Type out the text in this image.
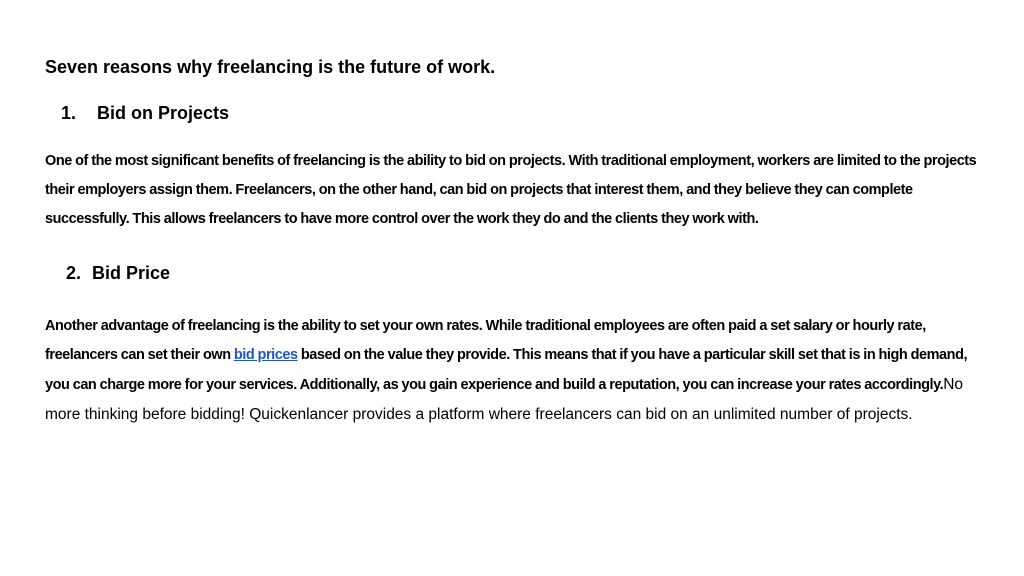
Seven reasons why freelancing is the future of work.
1. Bid on Projects

One of the most significant benefits of freelancing is the ability to bid on projects. With traditional employment, workers are limited to the projects their employers assign them. Freelancers, on the other hand, can bid on projects that interest them, and they believe they can complete successfully. This allows freelancers to have more control over the work they do and the clients they work with.

2. Bid Price

Another advantage of freelancing is the ability to set your own rates. While traditional employees are often paid a set salary or hourly rate, freelancers can set their own bid prices based on the value they provide. This means that if you have a particular skill set that is in high demand, you can charge more for your services. Additionally, as you gain experience and build a reputation, you can increase your rates accordingly.No more thinking before bidding! Quickenlancer provides a platform where freelancers can bid on an unlimited number of projects.
